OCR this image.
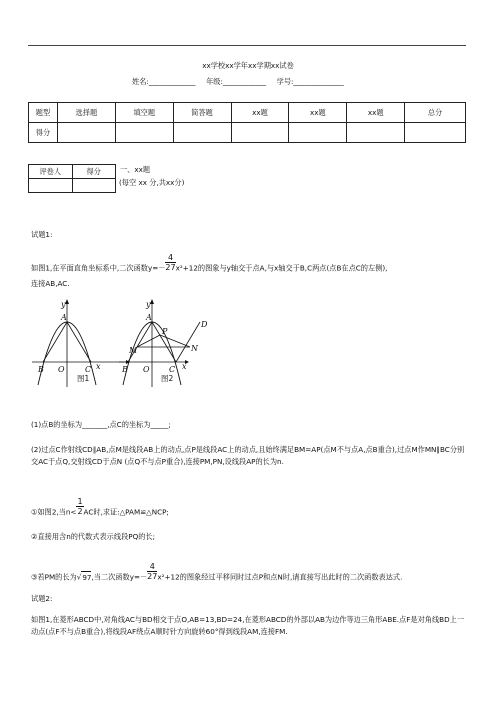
xx学校xx学年xx学期xx试卷
姓名:_____________ 年级:____________ 学号:______________
题型	选择题	填空题	简答题	xx题	xx题	xx题	总分
得分							
评卷人	得分
		一、xx题
(每空 xx 分,共xx分)
试题1:
如图1,在平面直角坐标系中,二次函数$y=- \frac{4}{27} x^2+12$的图象与y轴交于点A,与x轴交于B,C两点(点B在点C的左侧),
连接AB,AC.
y
A
B O	C x
图1
y
A
D
P
M	N
B O C x
图2
(1)点B的坐标为_______,点C的坐标为_____;
(2)过点C作射线CD∥AB,点M是线段AB上的动点,点P是线段AC上的动点,且始终满足BM=AP(点M不与点A,点B重合),过点M作MN∥BC分别交AC于点Q,交射线CD于点N (点Q不与点P重合),连接PM,PN,设线段AP的长为n.
①如图2,当$n< \frac{1}{2}$ AC时,求证:△PAM≌△NCP;
②直接用含n的代数式表示线段PQ的长;
③若PM的长为√97,当二次函数$y=- \frac{4}{27} x^2+12$的图象经过平移同时过点P和点N时,请直接写出此时的二次函数表达式.
试题2:
如图1,在菱形ABCD中,对角线AC与BD相交于点O,AB=13,BD=24,在菱形ABCD的外部以AB为边作等边三角形ABE.点F是对角线BD上一动点(点F不与点B重合),将线段AF绕点A顺时针方向旋转60°得到线段AM,连接FM.
